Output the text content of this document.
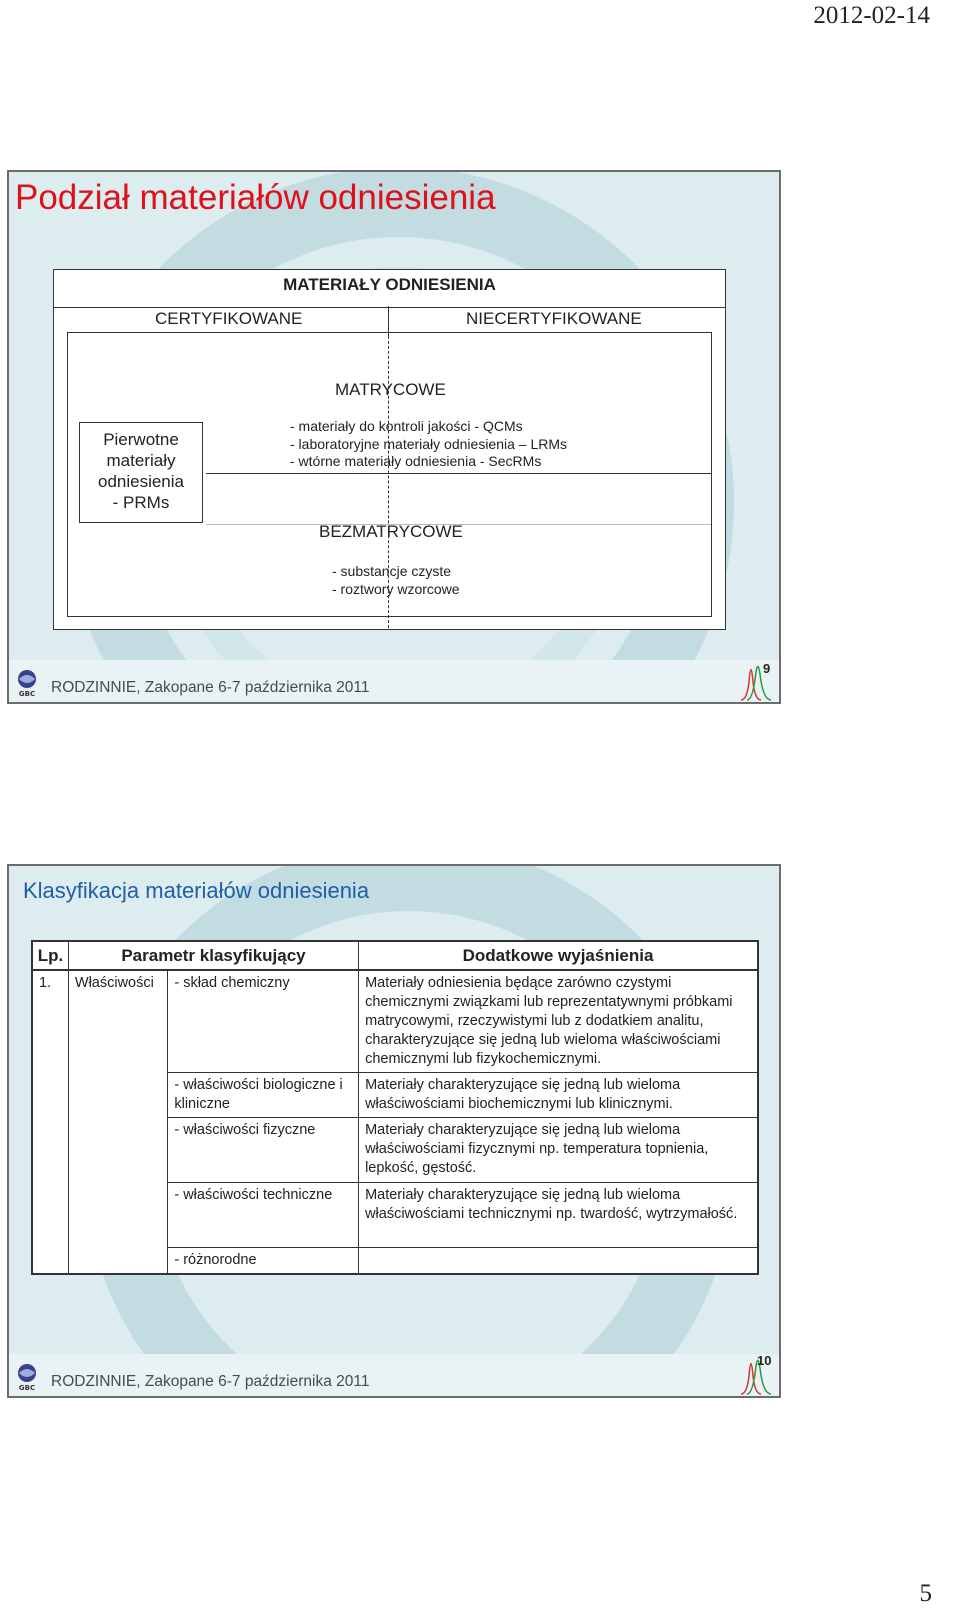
2012-02-14
5
Podział materiałów odniesienia
MATERIAŁY ODNIESIENIA
CERTYFIKOWANE	NIECERTYFIKOWANE
MATRYCOWE
- materiały do kontroli jakości - QCMs
- laboratoryjne materiały odniesienia – LRMs
- wtórne materiały odniesienia - SecRMs
Pierwotne
materiały
odniesienia
- PRMs
BEZMATRYCOWE
- substancje czyste
- roztwory wzorcowe
GBC RODZINNIE, Zakopane 6-7 października 2011
9
Klasyfikacja materiałów odniesienia
Lp.	Parametr klasyfikujący		Dodatkowe wyjaśnienia
1.	Właściwości	- skład chemiczny	Materiały odniesienia będące zarówno czystymi chemicznymi związkami lub reprezentatywnymi próbkami matrycowymi, rzeczywistymi lub z dodatkiem analitu, charakteryzujące się jedną lub wieloma właściwościami chemicznymi lub fizykochemicznymi.
		- właściwości biologiczne i kliniczne	Materiały charakteryzujące się jedną lub wieloma właściwościami biochemicznymi lub klinicznymi.
		- właściwości fizyczne	Materiały charakteryzujące się jedną lub wieloma właściwościami fizycznymi np. temperatura topnienia, lepkość, gęstość.
		- właściwości techniczne	Materiały charakteryzujące się jedną lub wieloma właściwościami technicznymi np. twardość, wytrzymałość.
		- różnorodne	
GBC RODZINNIE, Zakopane 6-7 października 2011
10
